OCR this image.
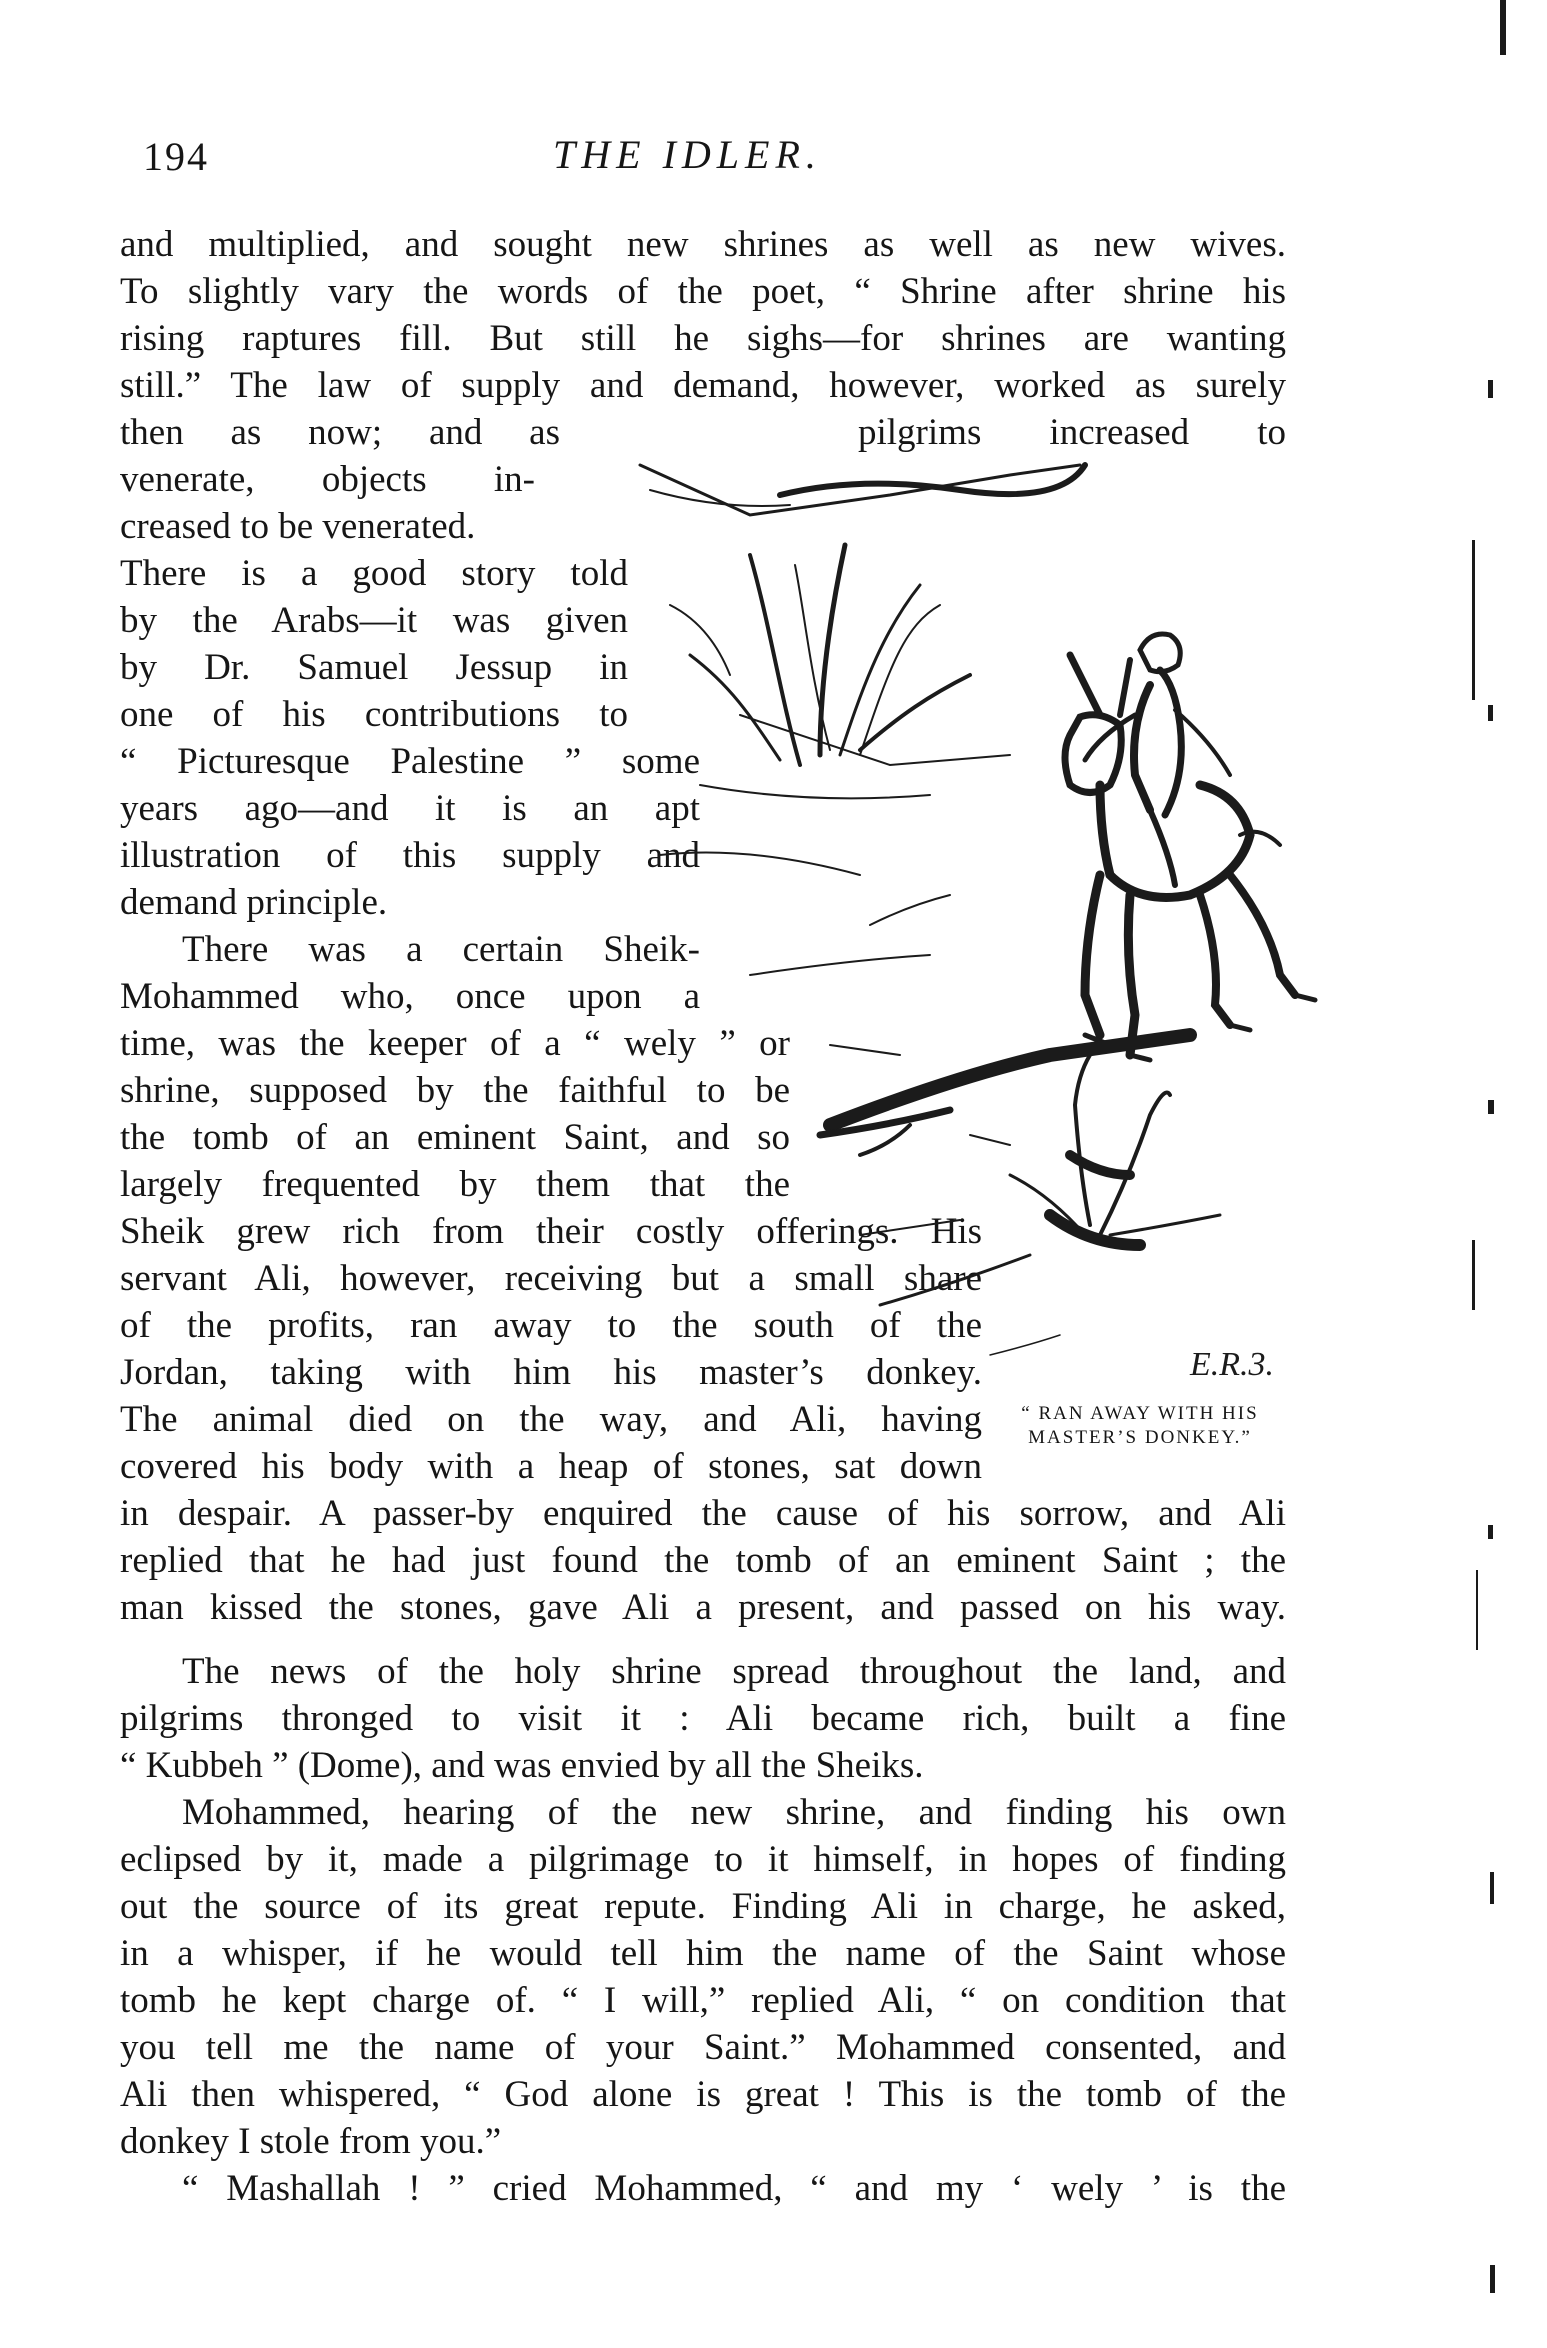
194	THE IDLER.
and multiplied, and sought new shrines as well as new wives.
To slightly vary the words of the poet, “ Shrine after shrine his
rising raptures fill. But still he sighs—for shrines are wanting
still.” The law of supply and demand, however, worked as surely
then as now; and as	pilgrims increased to
venerate, objects in-
creased to be venerated.
There is a good story told
by the Arabs—it was given
by Dr. Samuel Jessup in
one of his contributions to
“ Picturesque Palestine ” some
years ago—and it is an apt
illustration of this supply and
demand principle.
There was a certain Sheik-
Mohammed who, once upon a
time, was the keeper of a “ wely ” or
shrine, supposed by the faithful to be
the tomb of an eminent Saint, and so
largely frequented by them that the
Sheik grew rich from their costly offerings. His
servant Ali, however, receiving but a small share
of the profits, ran away to the south of the
Jordan, taking with him his master’s donkey.
The animal died on the way, and Ali, having
covered his body with a heap of stones, sat down
in despair. A passer-by enquired the cause of his sorrow, and Ali
replied that he had just found the tomb of an eminent Saint ; the
man kissed the stones, gave Ali a present, and passed on his way.
The news of the holy shrine spread throughout the land, and
pilgrims thronged to visit it : Ali became rich, built a fine
“ Kubbeh ” (Dome), and was envied by all the Sheiks.
Mohammed, hearing of the new shrine, and finding his own
eclipsed by it, made a pilgrimage to it himself, in hopes of finding
out the source of its great repute. Finding Ali in charge, he asked,
in a whisper, if he would tell him the name of the Saint whose
tomb he kept charge of. “ I will,” replied Ali, “ on condition that
you tell me the name of your Saint.” Mohammed consented, and
Ali then whispered, “ God alone is great ! This is the tomb of the
donkey I stole from you.”
“ Mashallah ! ” cried Mohammed, “ and my ‘ wely ’ is the
E.R.3.
“ RAN AWAY WITH HIS
MASTER’S DONKEY.”
